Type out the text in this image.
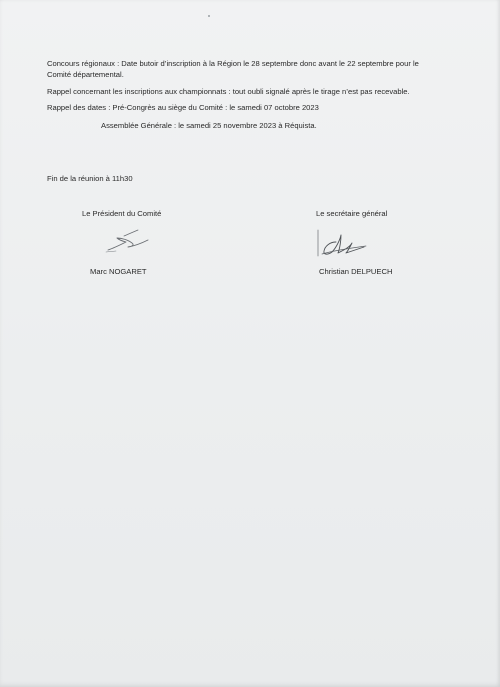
Concours régionaux : Date butoir d’inscription à la Région le 28 septembre donc avant le 22 septembre pour le
Comité départemental.
Rappel concernant les inscriptions aux championnats : tout oubli signalé après le tirage n’est pas recevable.
Rappel des dates : Pré-Congrès au siège du Comité : le samedi 07 octobre 2023
Assemblée Générale : le samedi 25 novembre 2023 à Réquista.
Fin de la réunion à 11h30
Le Président du Comité	Le secrétaire général
Marc NOGARET	Christian DELPUECH
